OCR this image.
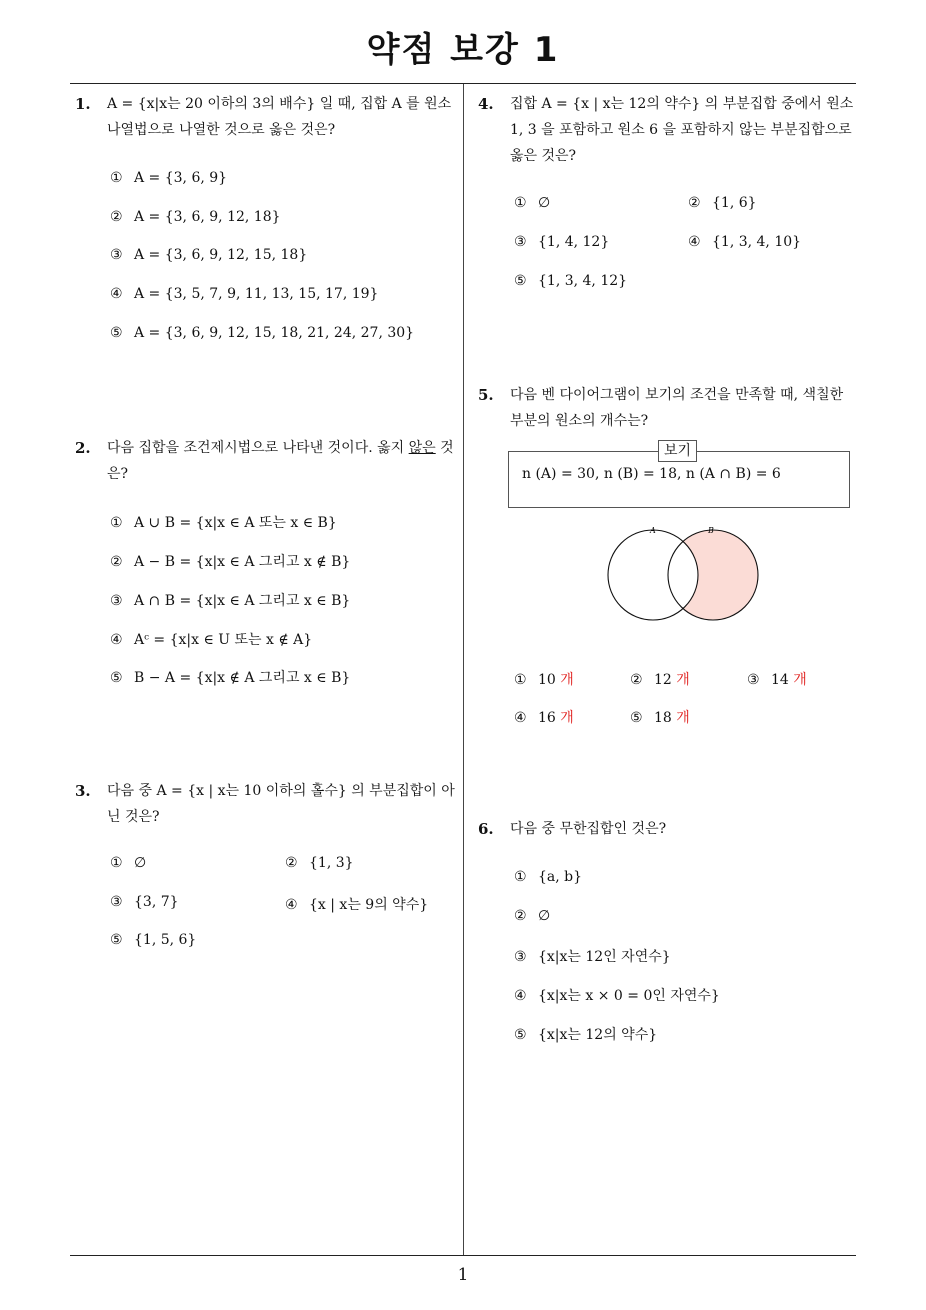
약점 보강 1
1
1. A = {x|x는 20 이하의 3의 배수} 일 때, 집합 A 를 원소나열법으로 나열한 것으로 옳은 것은?
① A = {3, 6, 9}
② A = {3, 6, 9, 12, 18}
③ A = {3, 6, 9, 12, 15, 18}
④ A = {3, 5, 7, 9, 11, 13, 15, 17, 19}
⑤ A = {3, 6, 9, 12, 15, 18, 21, 24, 27, 30}
2. 다음 집합을 조건제시법으로 나타낸 것이다. 옳지 않은 것은?
① A ∪ B = {x|x ∈ A 또는 x ∈ B}
② A − B = {x|x ∈ A 그리고 x ∉ B}
③ A ∩ B = {x|x ∈ A 그리고 x ∈ B}
④ Aᶜ = {x|x ∈ U 또는 x ∉ A}
⑤ B − A = {x|x ∉ A 그리고 x ∈ B}
3. 다음 중 A = {x | x는 10 이하의 홀수} 의 부분집합이 아닌 것은?
① ∅	② {1, 3}
③ {3, 7}	④ {x | x는 9의 약수}
⑤ {1, 5, 6}
4. 집합 A = {x | x는 12의 약수} 의 부분집합 중에서 원소 1, 3 을 포함하고 원소 6 을 포함하지 않는 부분집합으로 옳은 것은?
① ∅	② {1, 6}
③ {1, 4, 12}	④ {1, 3, 4, 10}
⑤ {1, 3, 4, 12}
5. 다음 벤 다이어그램이 보기의 조건을 만족할 때, 색칠한 부분의 원소의 개수는?
보기
n (A) = 30, n (B) = 18, n (A ∩ B) = 6
A	B
① 10 개	② 12 개	③ 14 개
④ 16 개	⑤ 18 개
6. 다음 중 무한집합인 것은?
① {a, b}
② ∅
③ {x|x는 12인 자연수}
④ {x|x는 x × 0 = 0인 자연수}
⑤ {x|x는 12의 약수}
